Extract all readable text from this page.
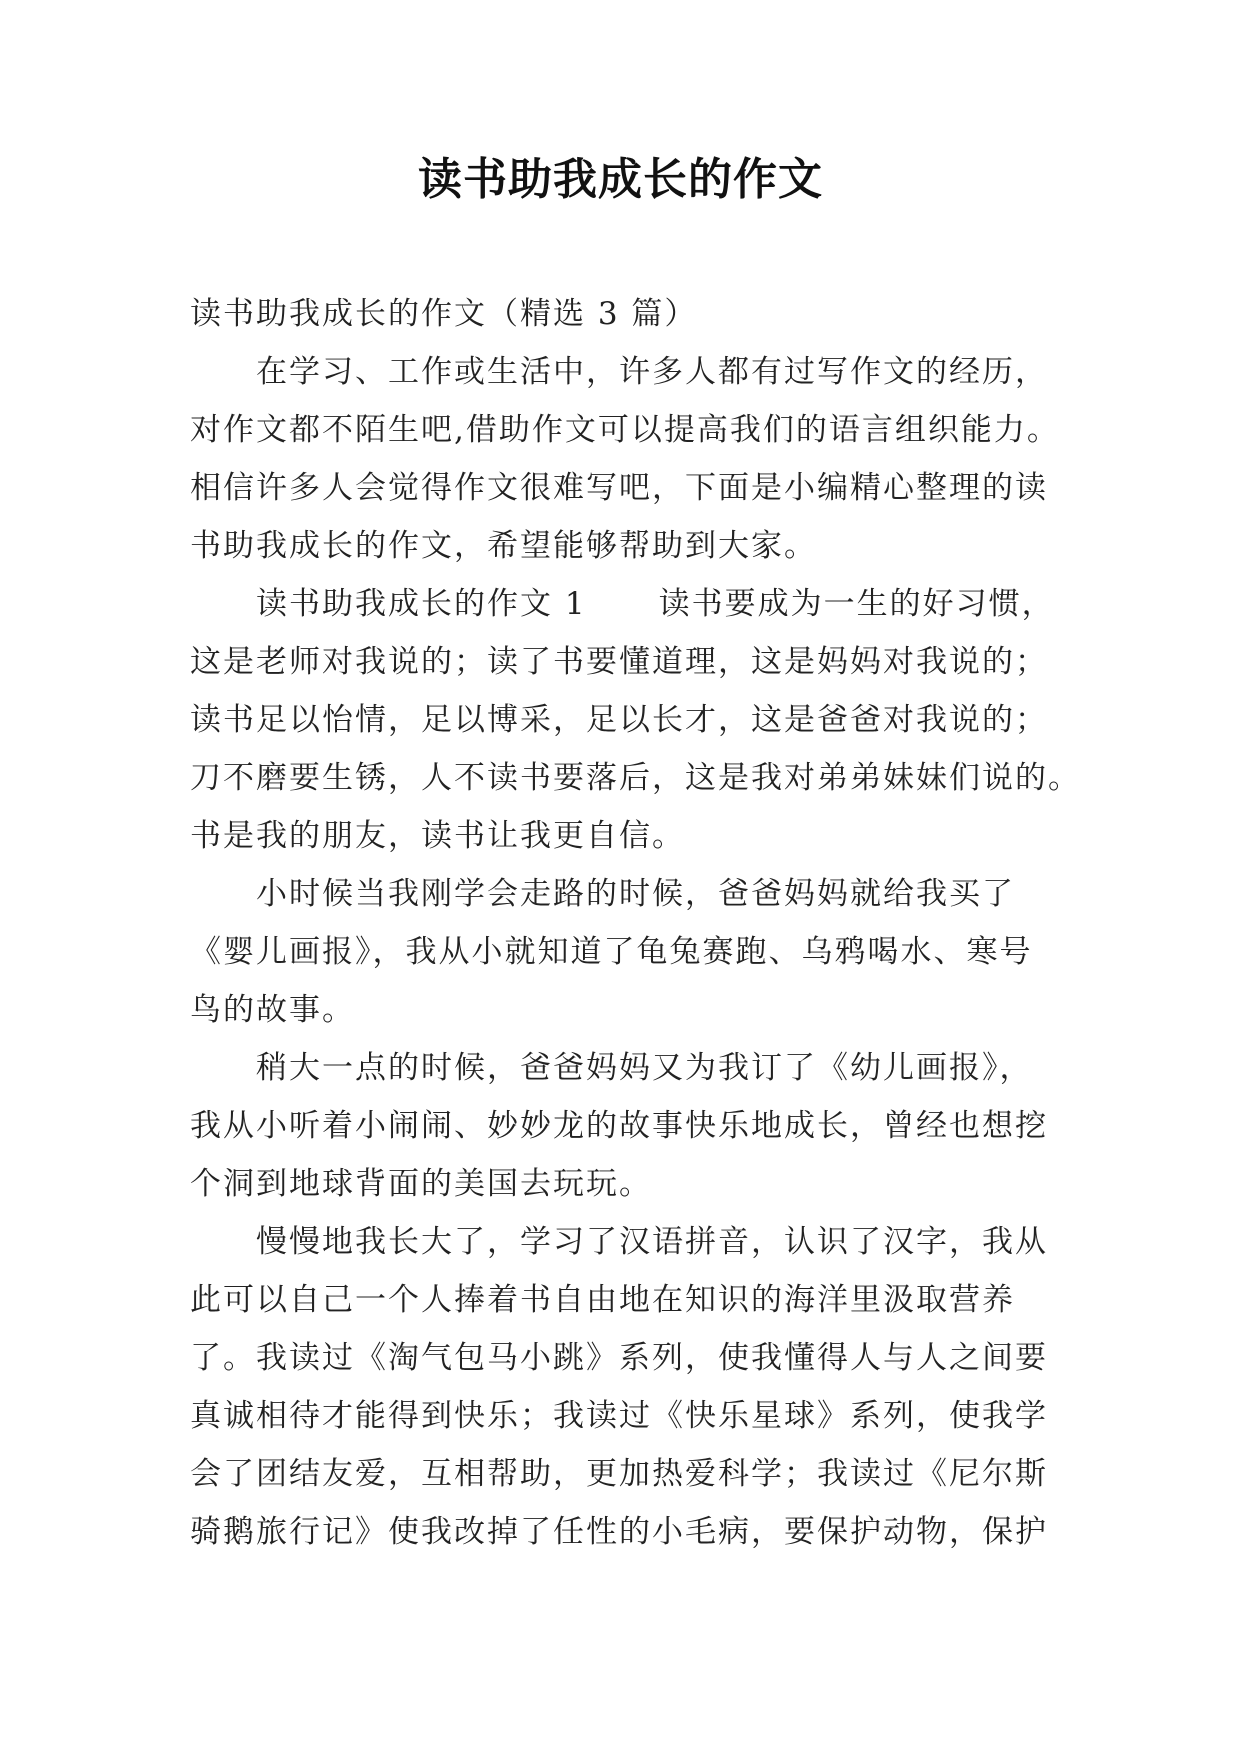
读书助我成长的作文
读书助我成长的作文（精选 3 篇）
在学习、工作或生活中，许多人都有过写作文的经历，
对作文都不陌生吧,借助作文可以提高我们的语言组织能力。
相信许多人会觉得作文很难写吧，下面是小编精心整理的读
书助我成长的作文，希望能够帮助到大家。
读书助我成长的作文 1 读书要成为一生的好习惯，
这是老师对我说的；读了书要懂道理，这是妈妈对我说的；
读书足以怡情，足以博采，足以长才，这是爸爸对我说的；
刀不磨要生锈，人不读书要落后，这是我对弟弟妹妹们说的。
书是我的朋友，读书让我更自信。
小时候当我刚学会走路的时候，爸爸妈妈就给我买了
《婴儿画报》，我从小就知道了龟兔赛跑、乌鸦喝水、寒号
鸟的故事。
稍大一点的时候，爸爸妈妈又为我订了《幼儿画报》，
我从小听着小闹闹、妙妙龙的故事快乐地成长，曾经也想挖
个洞到地球背面的美国去玩玩。
慢慢地我长大了，学习了汉语拼音，认识了汉字，我从
此可以自己一个人捧着书自由地在知识的海洋里汲取营养
了。我读过《淘气包马小跳》系列，使我懂得人与人之间要
真诚相待才能得到快乐；我读过《快乐星球》系列，使我学
会了团结友爱，互相帮助，更加热爱科学；我读过《尼尔斯
骑鹅旅行记》使我改掉了任性的小毛病，要保护动物，保护
